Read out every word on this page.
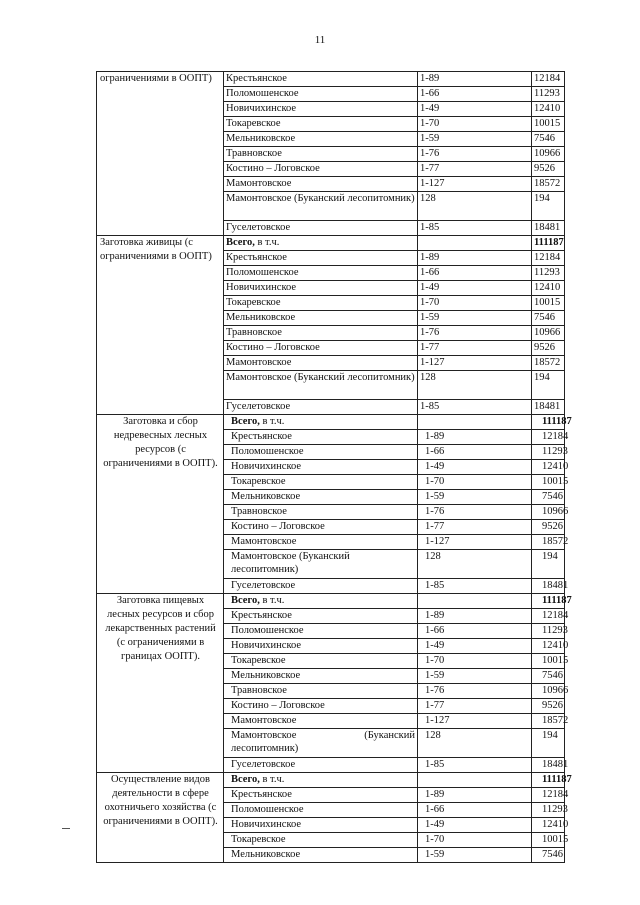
11
ограничениями в ООПТ)	Крестьянское	1-89	12184
	Поломошенское	1-66	11293
	Новичихинское	1-49	12410
	Токаревское	1-70	10015
	Мельниковское	1-59	7546
	Травновское	1-76	10966
	Костино – Логовское	1-77	9526
	Мамонтовское	1-127	18572
	Мамонтовское (Буканский лесопитомник)	128	194
	Гуселетовское	1-85	18481
Заготовка живицы (с ограничениями в ООПТ)	Всего, в т.ч.		111187
	Крестьянское	1-89	12184
	Поломошенское	1-66	11293
	Новичихинское	1-49	12410
	Токаревское	1-70	10015
	Мельниковское	1-59	7546
	Травновское	1-76	10966
	Костино – Логовское	1-77	9526
	Мамонтовское	1-127	18572
	Мамонтовское (Буканский лесопитомник)	128	194
	Гуселетовское	1-85	18481
Заготовка и сбор недревесных лесных ресурсов (с ограничениями в ООПТ).	Всего, в т.ч.		111187
	Крестьянское	1-89	12184
	Поломошенское	1-66	11293
	Новичихинское	1-49	12410
	Токаревское	1-70	10015
	Мельниковское	1-59	7546
	Травновское	1-76	10966
	Костино – Логовское	1-77	9526
	Мамонтовское	1-127	18572
	Мамонтовское (Буканский лесопитомник)	128	194
	Гуселетовское	1-85	18481
Заготовка пищевых лесных ресурсов и сбор лекарственных растений (с ограничениями в границах ООПТ).	Всего, в т.ч.		111187
	Крестьянское	1-89	12184
	Поломошенское	1-66	11293
	Новичихинское	1-49	12410
	Токаревское	1-70	10015
	Мельниковское	1-59	7546
	Травновское	1-76	10966
	Костино – Логовское	1-77	9526
	Мамонтовское	1-127	18572
	Мамонтовское (Буканский лесопитомник)	128	194
	Гуселетовское	1-85	18481
Осуществление видов деятельности в сфере охотничьего хозяйства (с ограничениями в ООПТ).	Всего, в т.ч.		111187
	Крестьянское	1-89	12184
	Поломошенское	1-66	11293
	Новичихинское	1-49	12410
	Токаревское	1-70	10015
	Мельниковское	1-59	7546
